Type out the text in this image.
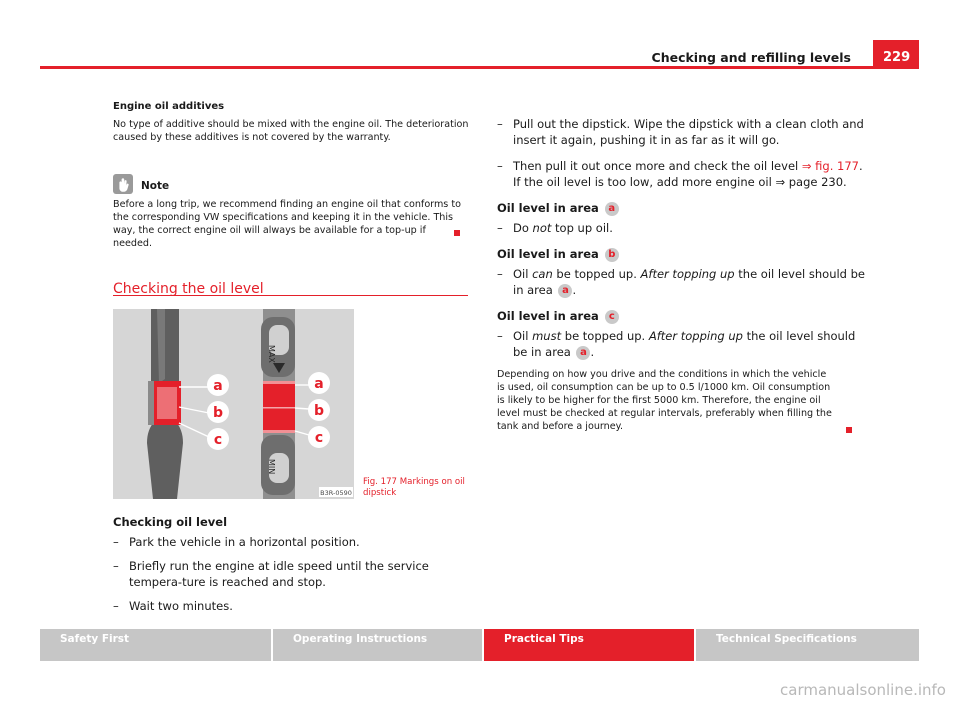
Checking and refilling levels	229
Engine oil additives
No type of additive should be mixed with the engine oil. The deterioration caused by these additives is not covered by the warranty.
Note
Before a long trip, we recommend finding an engine oil that conforms to the corresponding VW specifications and keeping it in the vehicle. This way, the correct engine oil will always be available for a top-up if needed.
Checking the oil level
MAX
MIN
a
b
c
a
b
c
B3R-0590
Fig. 177 Markings on oil dipstick
Checking oil level
– Park the vehicle in a horizontal position.
– Briefly run the engine at idle speed until the service tempera-ture is reached and stop.
– Wait two minutes.
– Pull out the dipstick. Wipe the dipstick with a clean cloth and insert it again, pushing it in as far as it will go.
– Then pull it out once more and check the oil level ⇒ fig. 177. If the oil level is too low, add more engine oil ⇒ page 230.
Oil level in area a
– Do not top up oil.
Oil level in area b
– Oil can be topped up. After topping up the oil level should be in area a .
Oil level in area c
– Oil must be topped up. After topping up the oil level should be in area a .
Depending on how you drive and the conditions in which the vehicle is used, oil consumption can be up to 0.5 l/1000 km. Oil consumption is likely to be higher for the first 5000 km. Therefore, the engine oil level must be checked at regular intervals, preferably when filling the tank and before a journey.
Safety First	Operating Instructions	Practical Tips	Technical Specifications
carmanualsonline.info
